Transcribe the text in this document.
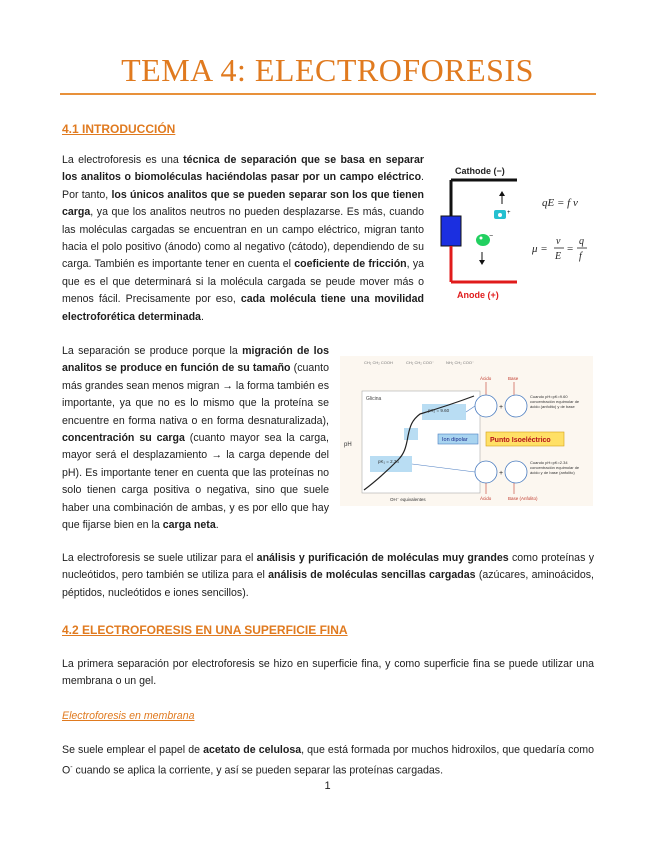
TEMA 4: ELECTROFORESIS
4.1 INTRODUCCIÓN
La electroforesis es una técnica de separación que se basa en separar los analitos o biomoléculas haciéndolas pasar por un campo eléctrico. Por tanto, los únicos analitos que se pueden separar son los que tienen carga, ya que los analitos neutros no pueden desplazarse. Es más, cuando las moléculas cargadas se encuentran en un campo eléctrico, migran tanto hacia el polo positivo (ánodo) como al negativo (cátodo), dependiendo de su carga. También es importante tener en cuenta el coeficiente de fricción, ya que es el que determinará si la molécula cargada se peude mover más o menos fácil. Precisamente por eso, cada molécula tiene una movilidad electroforética determinada.
Cathode (−)
Anode (+)
+
−
qE = f v
μ =
v
E
=
q
f
La separación se produce porque la migración de los analitos se produce en función de su tamaño (cuanto más grandes sean menos migran → la forma también es importante, ya que no es lo mismo que la proteína se encuentre en forma nativa o en forma desnaturalizada), concentración su carga (cuanto mayor sea la carga, mayor será el desplazamiento → la carga depende del pH). Es importante tener en cuenta que las proteínas no solo tienen carga positiva o negativa, sino que suele haber una combinación de ambas, y es por ello que hay que fijarse bien en la carga neta.
CH₂ CH₂ COOH	CH₂ CH₂ COO⁻	NH₂ CH₂ COO⁻
Glicina
pK₁ = 2.34
pK₂ = 9.60
pH
OH⁻ equivalentes
Ion dipolar	Punto Isoeléctrico
Ácido	Base
+
Cuando pH=pK=9.60 concentración equimolar de ácido (anfolito) y de base
+
Ácido	Base (Anfolito)
Cuando pH=pK=2.34 concentración equimolar de ácido y de base (anfolito)
La electroforesis se suele utilizar para el análisis y purificación de moléculas muy grandes como proteínas y nucleótidos, pero también se utiliza para el análisis de moléculas sencillas cargadas (azúcares, aminoácidos, péptidos, nucleótidos e iones sencillos).
4.2 ELECTROFORESIS EN UNA SUPERFICIE FINA
La primera separación por electroforesis se hizo en superficie fina, y como superficie fina se puede utilizar una membrana o un gel.
Electroforesis en membrana
Se suele emplear el papel de acetato de celulosa, que está formada por muchos hidroxilos, que quedaría como O- cuando se aplica la corriente, y así se pueden separar las proteínas cargadas.
1
